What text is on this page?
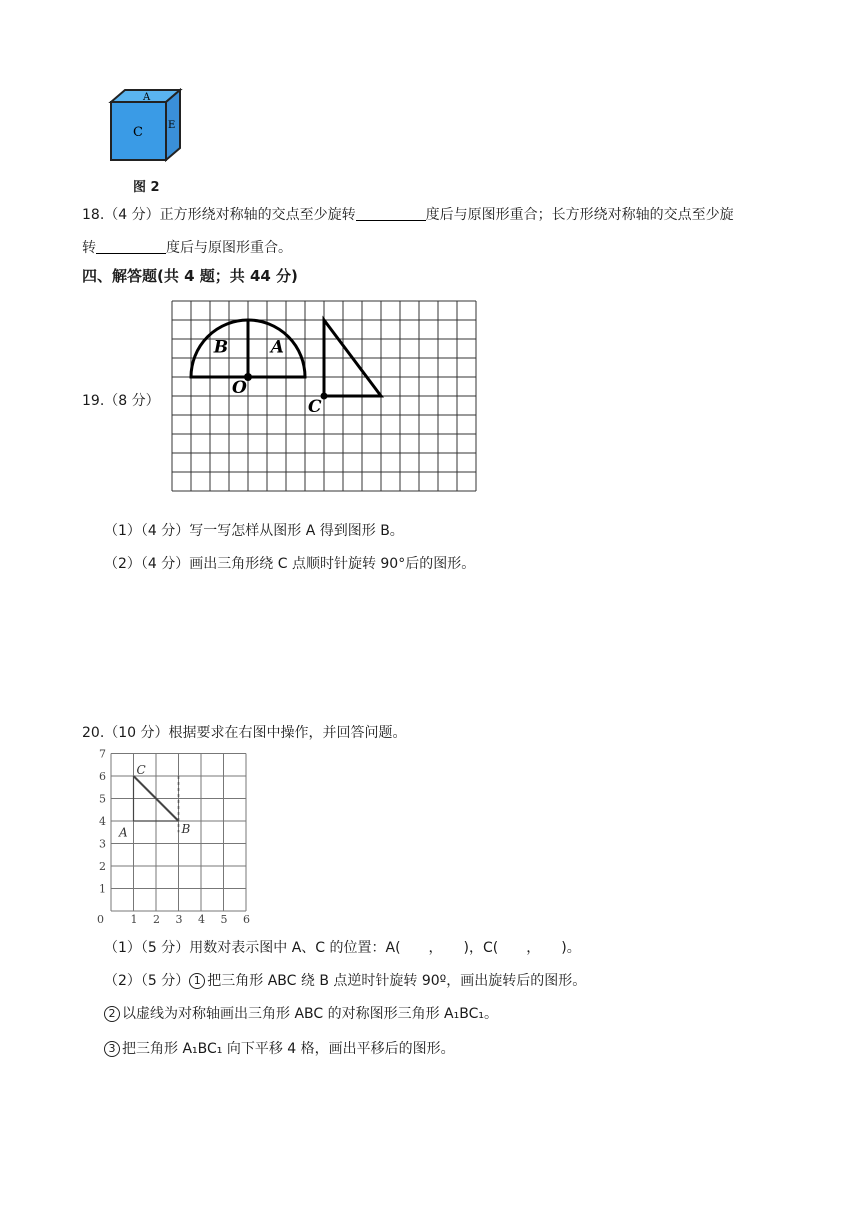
A
C	E
图 2
18.（4 分）正方形绕对称轴的交点至少旋转	度后与原图形重合；长方形绕对称轴的交点至少旋
转	度后与原图形重合。
四、解答题(共 4 题；共 44 分)
19.（8 分）
B	A
O
C
（1）（4 分）写一写怎样从图形 A 得到图形 B。
（2）（4 分）画出三角形绕 C 点顺时针旋转 90°后的图形。
20.（10 分）根据要求在右图中操作，并回答问题。
0 1 2 3 4 5 6
1
2
3
4
5
6
7
C
A	B
（1）（5 分）用数对表示图中 A、C 的位置：A(　　，　　)，C(　　，　　)。
（2）（5 分） 1 把三角形 ABC 绕 B 点逆时针旋转 90º，画出旋转后的图形。
2 以虚线为对称轴画出三角形 ABC 的对称图形三角形 A₁BC₁。
3 把三角形 A₁BC₁ 向下平移 4 格，画出平移后的图形。
